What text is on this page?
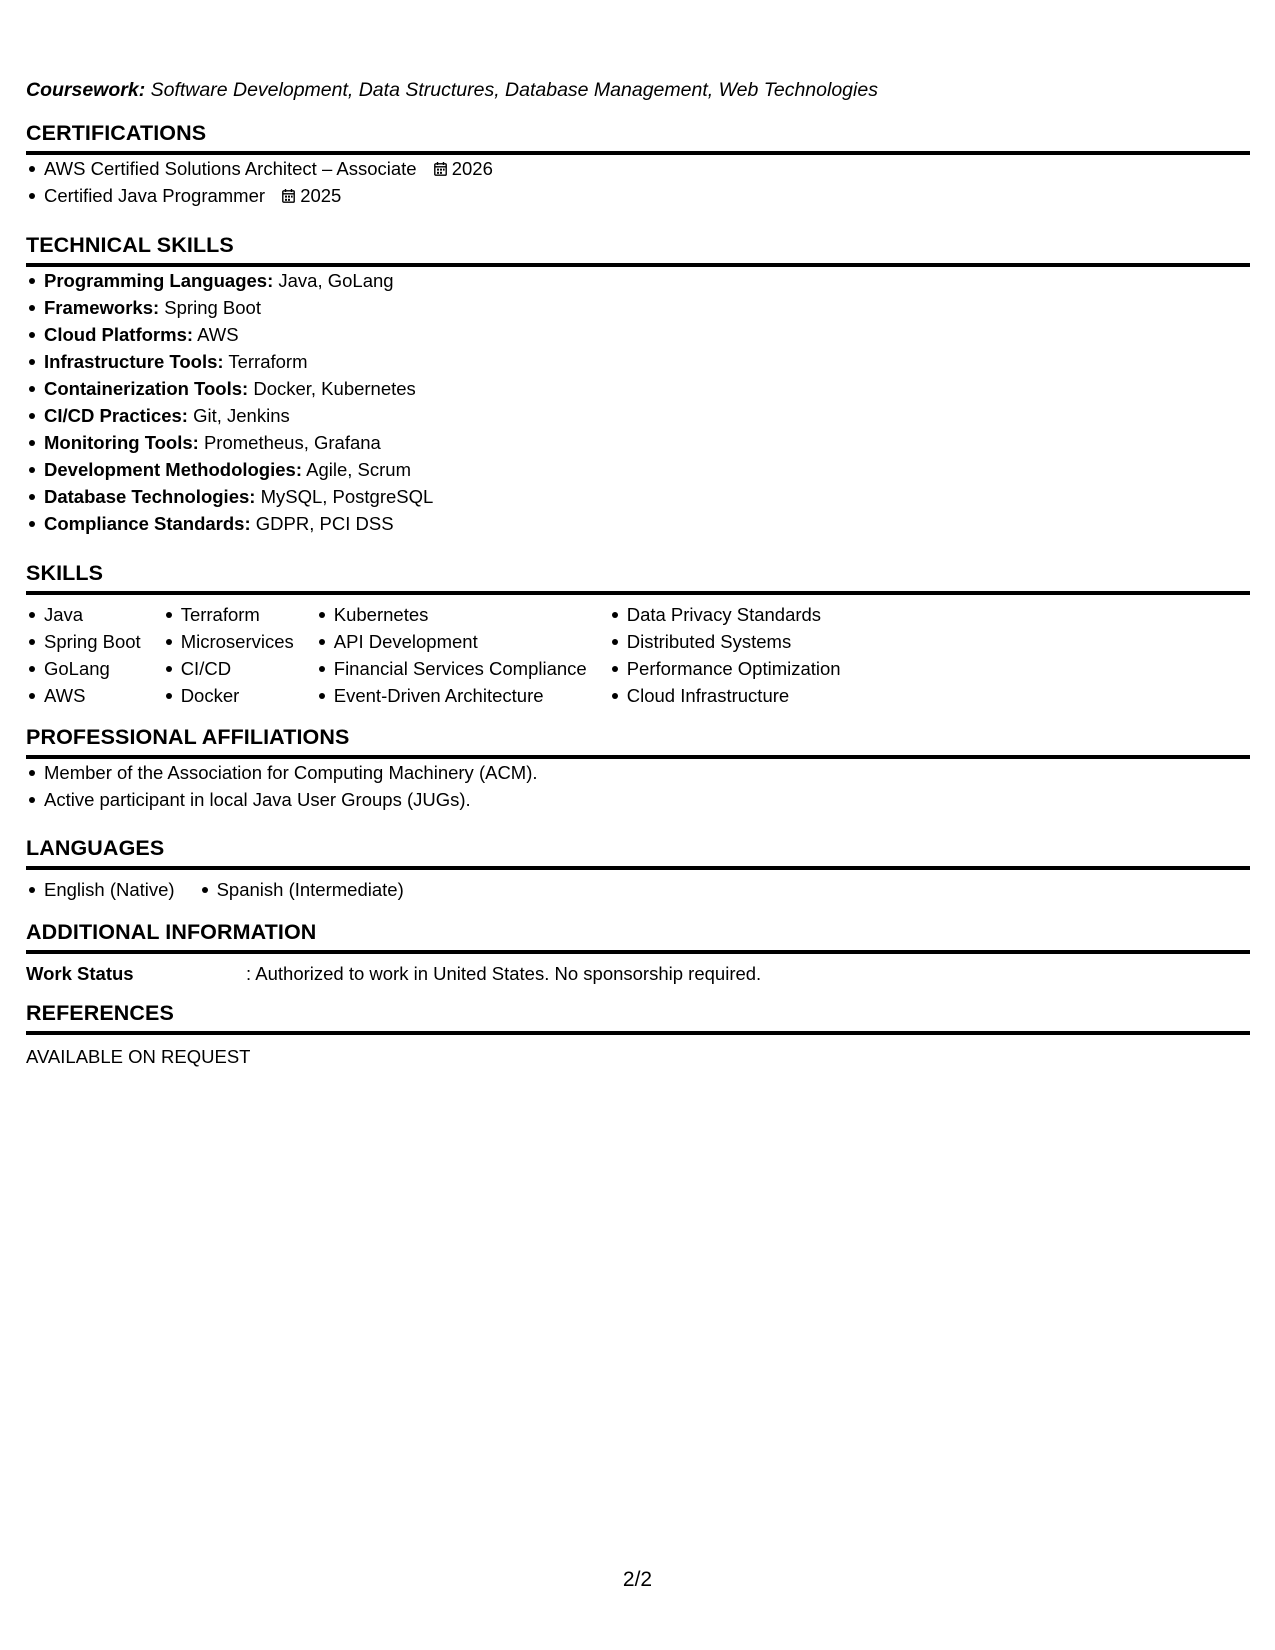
Coursework: Software Development, Data Structures, Database Management, Web Technologies
CERTIFICATIONS
AWS Certified Solutions Architect – Associate 2026
Certified Java Programmer 2025
TECHNICAL SKILLS
Programming Languages: Java, GoLang
Frameworks: Spring Boot
Cloud Platforms: AWS
Infrastructure Tools: Terraform
Containerization Tools: Docker, Kubernetes
CI/CD Practices: Git, Jenkins
Monitoring Tools: Prometheus, Grafana
Development Methodologies: Agile, Scrum
Database Technologies: MySQL, PostgreSQL
Compliance Standards: GDPR, PCI DSS
SKILLS
Java
Spring Boot
GoLang
AWS
Terraform
Microservices
CI/CD
Docker
Kubernetes
API Development
Financial Services Compliance
Event-Driven Architecture
Data Privacy Standards
Distributed Systems
Performance Optimization
Cloud Infrastructure
PROFESSIONAL AFFILIATIONS
Member of the Association for Computing Machinery (ACM).
Active participant in local Java User Groups (JUGs).
LANGUAGES
English (Native)	Spanish (Intermediate)
ADDITIONAL INFORMATION
Work Status	: Authorized to work in United States. No sponsorship required.
REFERENCES
AVAILABLE ON REQUEST
2/2
